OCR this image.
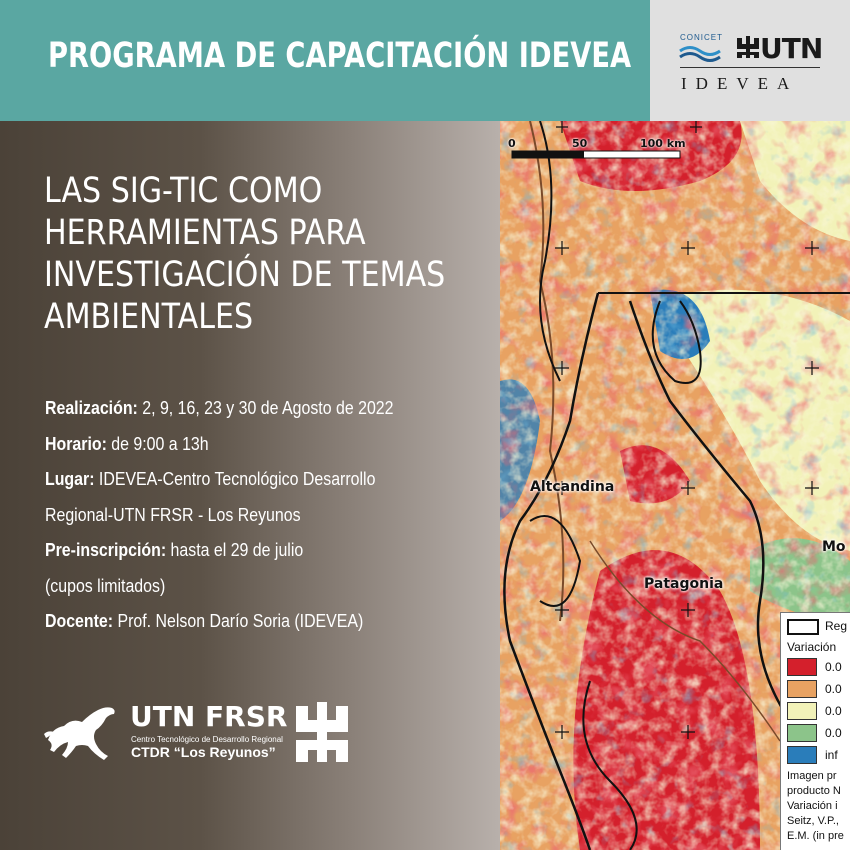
PROGRAMA DE CAPACITACIÓN IDEVEA	CONICET UTN
IDEVEA
LAS SIG-TIC COMO
HERRAMIENTAS PARA
INVESTIGACIÓN DE TEMAS
AMBIENTALES
Realización: 2, 9, 16, 23 y 30 de Agosto de 2022
Horario: de 9:00 a 13h
Lugar: IDEVEA-Centro Tecnológico Desarrollo
Regional-UTN FRSR - Los Reyunos
Pre-inscripción: hasta el 29 de julio
(cupos limitados)
Docente: Prof. Nelson Darío Soria (IDEVEA)
UTN FRSR
Centro Tecnológico de Desarrollo Regional
CTDR “Los Reyunos”
0	50	100 km
Altcandina
Patagonia
Mo
Reg
Variación
0.0
0.0
0.0
0.0
inf
Imagen pr
producto N
Variación i
Seitz, V.P.,
E.M. (in pre
